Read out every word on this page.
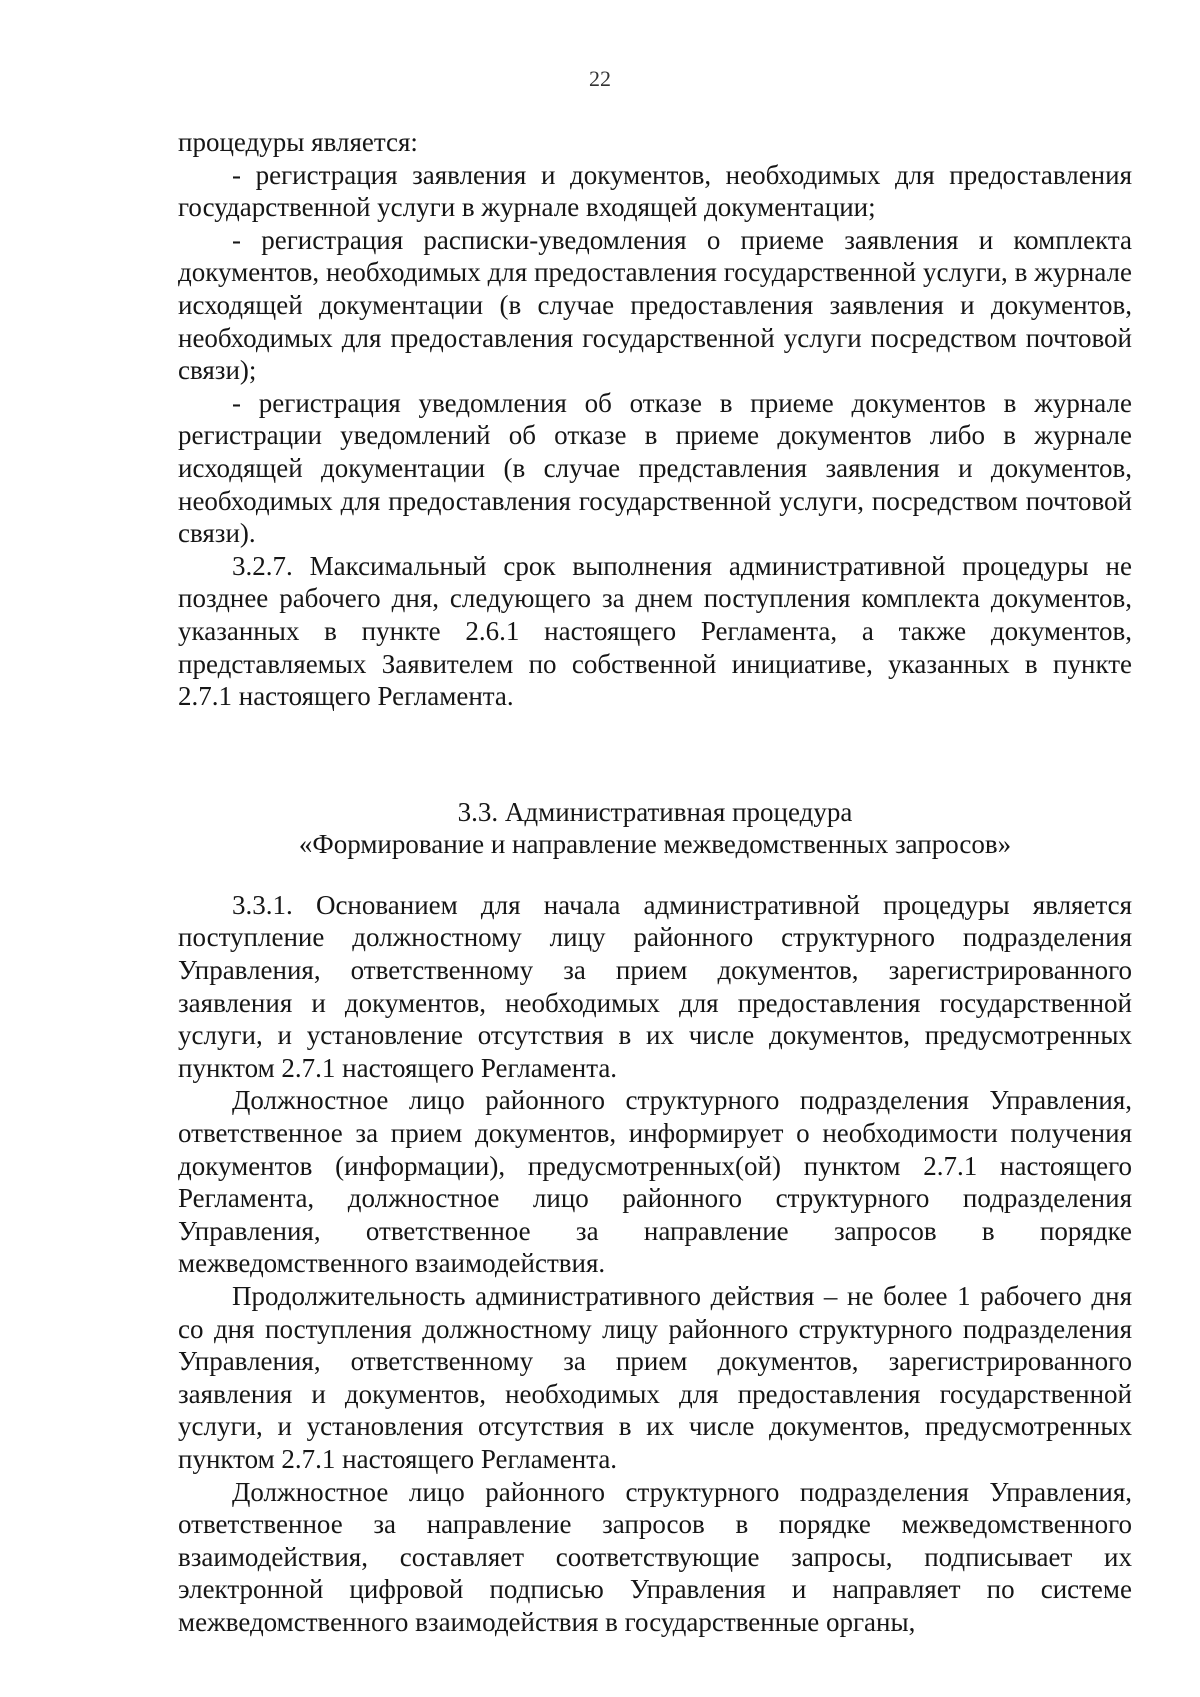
22

процедуры является:

- регистрация заявления и документов, необходимых для предоставления государственной услуги в журнале входящей документации;

- регистрация расписки-уведомления о приеме заявления и комплекта документов, необходимых для предоставления государственной услуги, в журнале исходящей документации (в случае предоставления заявления и документов, необходимых для предоставления государственной услуги посредством почтовой связи);

- регистрация уведомления об отказе в приеме документов в журнале регистрации уведомлений об отказе в приеме документов либо в журнале исходящей документации (в случае представления заявления и документов, необходимых для предоставления государственной услуги, посредством почтовой связи).

3.2.7. Максимальный срок выполнения административной процедуры не позднее рабочего дня, следующего за днем поступления комплекта документов, указанных в пункте 2.6.1 настоящего Регламента, а также документов, представляемых Заявителем по собственной инициативе, указанных в пункте 2.7.1 настоящего Регламента.

3.3. Административная процедура

«Формирование и направление межведомственных запросов»

3.3.1. Основанием для начала административной процедуры является поступление должностному лицу районного структурного подразделения Управления, ответственному за прием документов, зарегистрированного заявления и документов, необходимых для предоставления государственной услуги, и установление отсутствия в их числе документов, предусмотренных пунктом 2.7.1 настоящего Регламента.

Должностное лицо районного структурного подразделения Управления, ответственное за прием документов, информирует о необходимости получения документов (информации), предусмотренных(ой) пунктом 2.7.1 настоящего Регламента, должностное лицо районного структурного подразделения Управления, ответственное за направление запросов в порядке межведомственного взаимодействия.

Продолжительность административного действия – не более 1 рабочего дня со дня поступления должностному лицу районного структурного подразделения Управления, ответственному за прием документов, зарегистрированного заявления и документов, необходимых для предоставления государственной услуги, и установления отсутствия в их числе документов, предусмотренных пунктом 2.7.1 настоящего Регламента.

Должностное лицо районного структурного подразделения Управления, ответственное за направление запросов в порядке межведомственного взаимодействия, составляет соответствующие запросы, подписывает их электронной цифровой подписью Управления и направляет по системе межведомственного взаимодействия в государственные органы,
